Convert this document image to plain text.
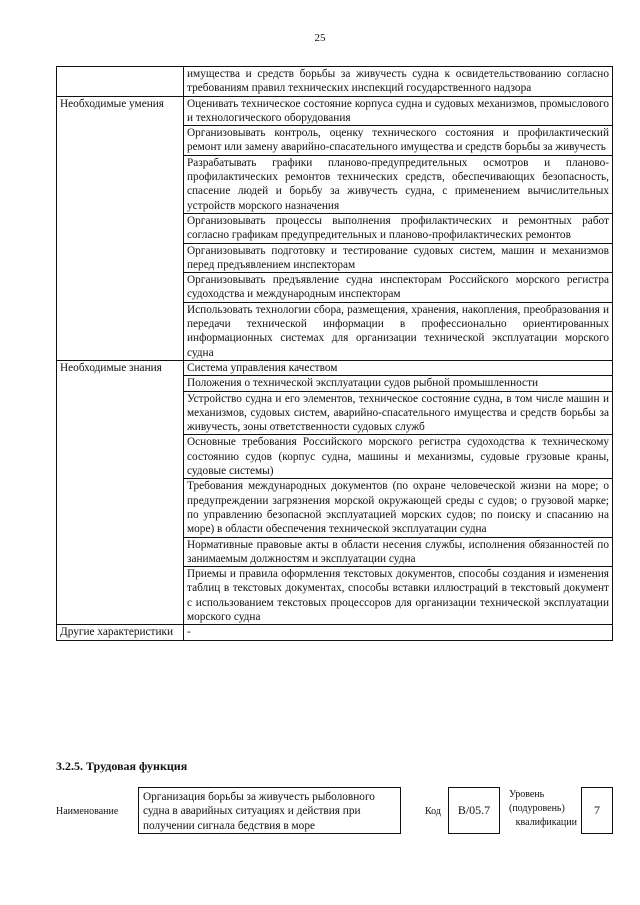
25
	имущества и средств борьбы за живучесть судна к освидетельствованию согласно требованиям правил технических инспекций государственного надзора
Необходимые умения	Оценивать техническое состояние корпуса судна и судовых механизмов, промыслового и технологического оборудования
	Организовывать контроль, оценку технического состояния и профилактический ремонт или замену аварийно-спасательного имущества и средств борьбы за живучесть
	Разрабатывать графики планово-предупредительных осмотров и планово-профилактических ремонтов технических средств, обеспечивающих безопасность, спасение людей и борьбу за живучесть судна, с применением вычислительных устройств морского назначения
	Организовывать процессы выполнения профилактических и ремонтных работ согласно графикам предупредительных и планово-профилактических ремонтов
	Организовывать подготовку и тестирование судовых систем, машин и механизмов перед предъявлением инспекторам
	Организовывать предъявление судна инспекторам Российского морского регистра судоходства и международным инспекторам
	Использовать технологии сбора, размещения, хранения, накопления, преобразования и передачи технической информации в профессионально ориентированных информационных системах для организации технической эксплуатации морского судна
Необходимые знания	Система управления качеством
	Положения о технической эксплуатации судов рыбной промышленности
	Устройство судна и его элементов, техническое состояние судна, в том числе машин и механизмов, судовых систем, аварийно-спасательного имущества и средств борьбы за живучесть, зоны ответственности судовых служб
	Основные требования Российского морского регистра судоходства к техническому состоянию судов (корпус судна, машины и механизмы, судовые грузовые краны, судовые системы)
	Требования международных документов (по охране человеческой жизни на море; о предупреждении загрязнения морской окружающей среды с судов; о грузовой марке; по управлению безопасной эксплуатацией морских судов; по поиску и спасанию на море) в области обеспечения технической эксплуатации судна
	Нормативные правовые акты в области несения службы, исполнения обязанностей по занимаемым должностям и эксплуатации судна
	Приемы и правила оформления текстовых документов, способы создания и изменения таблиц в текстовых документах, способы вставки иллюстраций в текстовый документ с использованием текстовых процессоров для организации технической эксплуатации морского судна
Другие характеристики	-
3.2.5. Трудовая функция
Наименование
Организация борьбы за живучесть рыболовного судна в аварийных ситуациях и действия при получении сигнала бедствия в море
Код	B/05.7
Уровень
(подуровень)
квалификации
7
